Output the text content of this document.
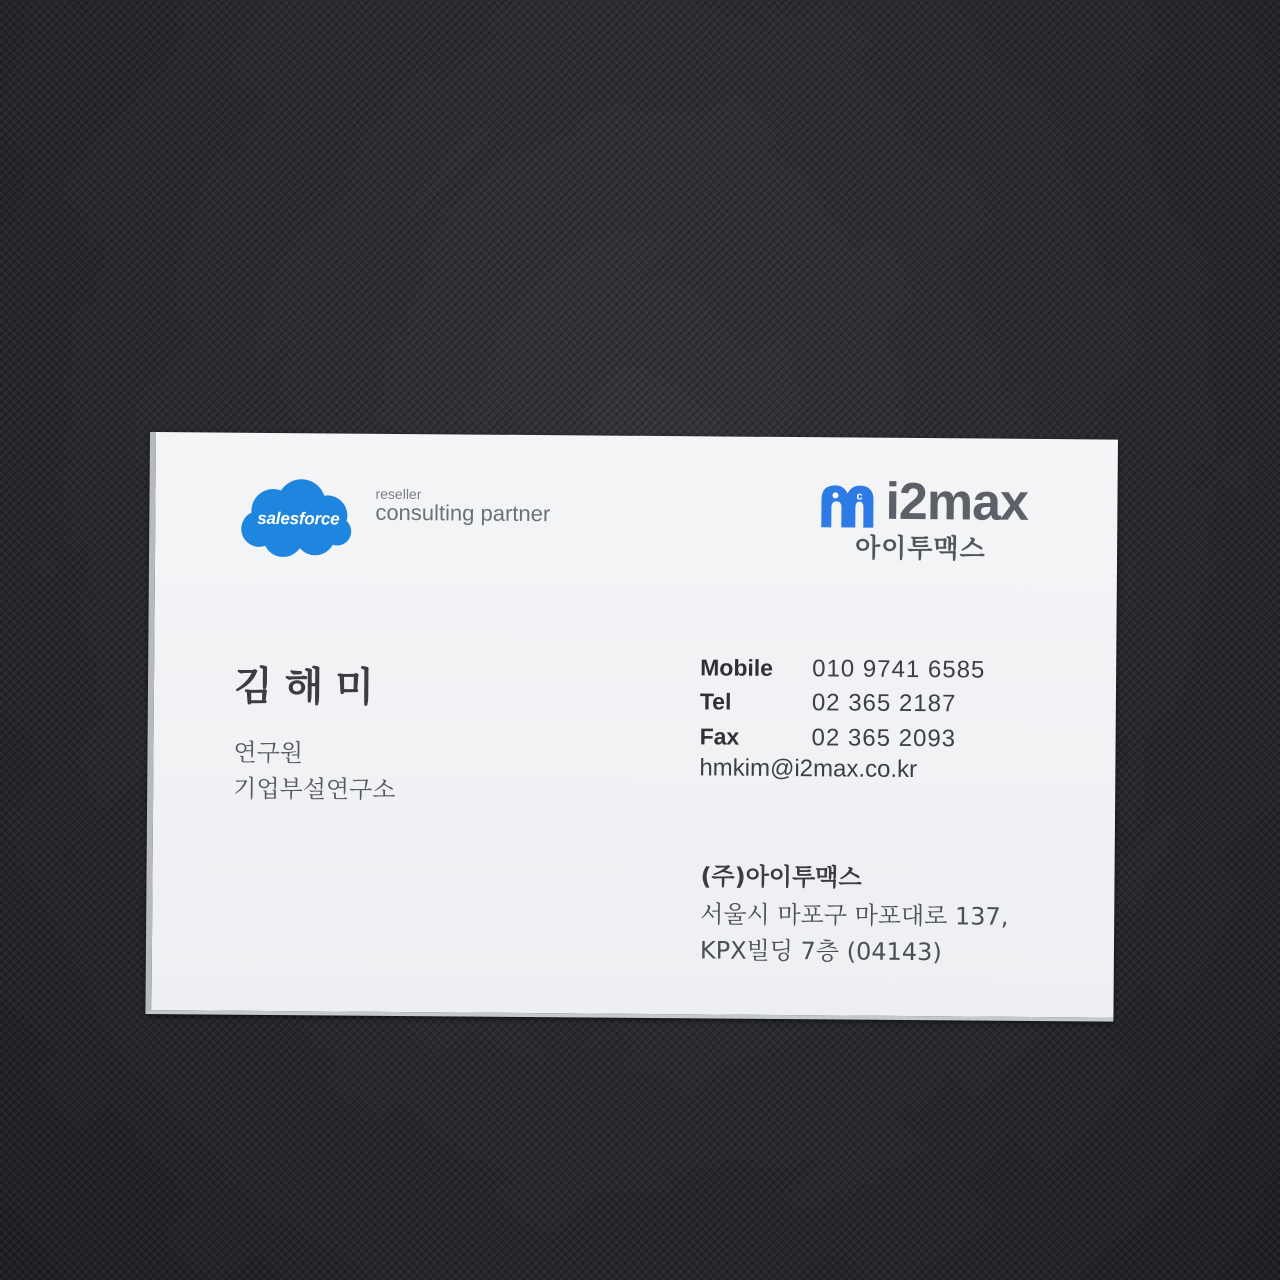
salesforce
reseller
consulting partner
c i2max
아이투맥스
김해미
연구원
기업부설연구소
Mobile 010 9741 6585
Tel	02 365 2187
Fax	02 365 2093
hmkim@i2max.co.kr
(주)아이투맥스
서울시 마포구 마포대로 137,
KPX빌딩 7층 (04143)
